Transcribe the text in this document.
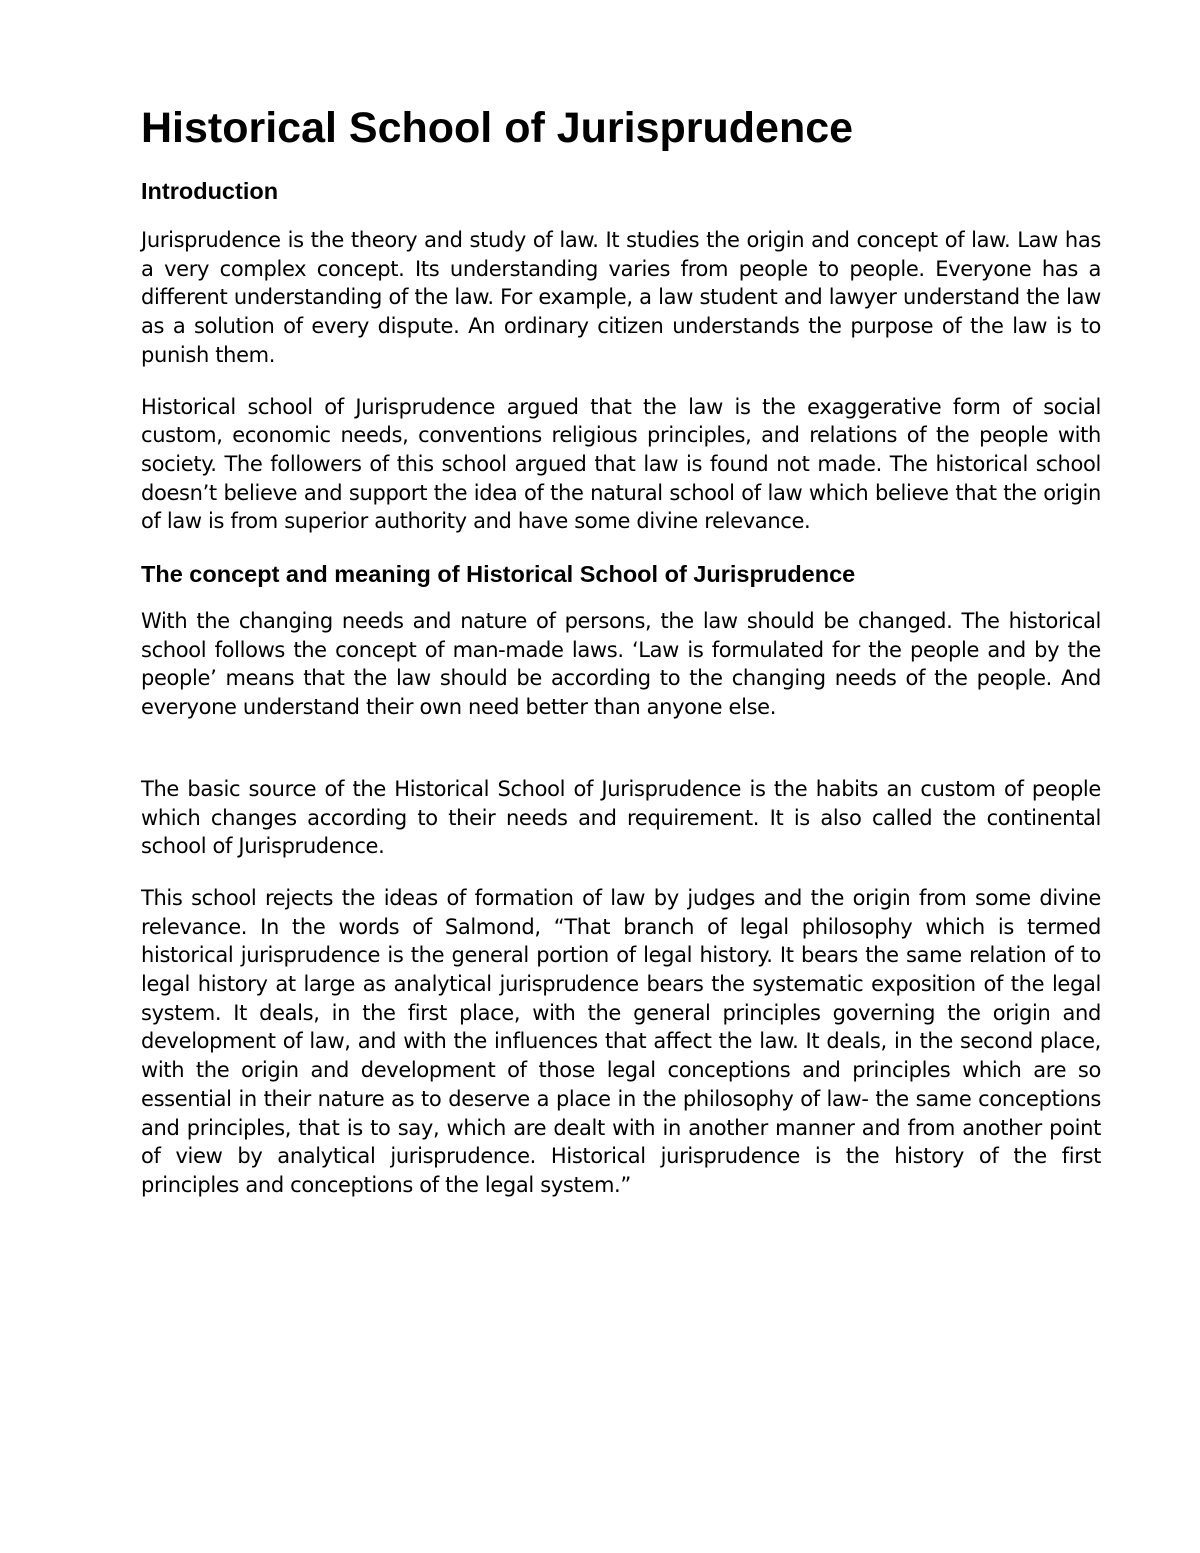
Historical School of Jurisprudence
Introduction

Jurisprudence is the theory and study of law. It studies the origin and concept of law. Law has a very complex concept. Its understanding varies from people to people. Everyone has a different understanding of the law. For example, a law student and lawyer understand the law as a solution of every dispute. An ordinary citizen understands the purpose of the law is to punish them.

Historical school of Jurisprudence argued that the law is the exaggerative form of social custom, economic needs, conventions religious principles, and relations of the people with society. The followers of this school argued that law is found not made. The historical school doesn’t believe and support the idea of the natural school of law which believe that the origin of law is from superior authority and have some divine relevance.

The concept and meaning of Historical School of Jurisprudence

With the changing needs and nature of persons, the law should be changed. The historical school follows the concept of man-made laws. ‘Law is formulated for the people and by the people’ means that the law should be according to the changing needs of the people. And everyone understand their own need better than anyone else.

The basic source of the Historical School of Jurisprudence is the habits an custom of people which changes according to their needs and requirement. It is also called the continental school of Jurisprudence.

This school rejects the ideas of formation of law by judges and the origin from some divine relevance. In the words of Salmond, “That branch of legal philosophy which is termed historical jurisprudence is the general portion of legal history. It bears the same relation of to legal history at large as analytical jurisprudence bears the systematic exposition of the legal system. It deals, in the first place, with the general principles governing the origin and development of law, and with the influences that affect the law. It deals, in the second place, with the origin and development of those legal conceptions and principles which are so essential in their nature as to deserve a place in the philosophy of law- the same conceptions and principles, that is to say, which are dealt with in another manner and from another point of view by analytical jurisprudence. Historical jurisprudence is the history of the first principles and conceptions of the legal system.”
